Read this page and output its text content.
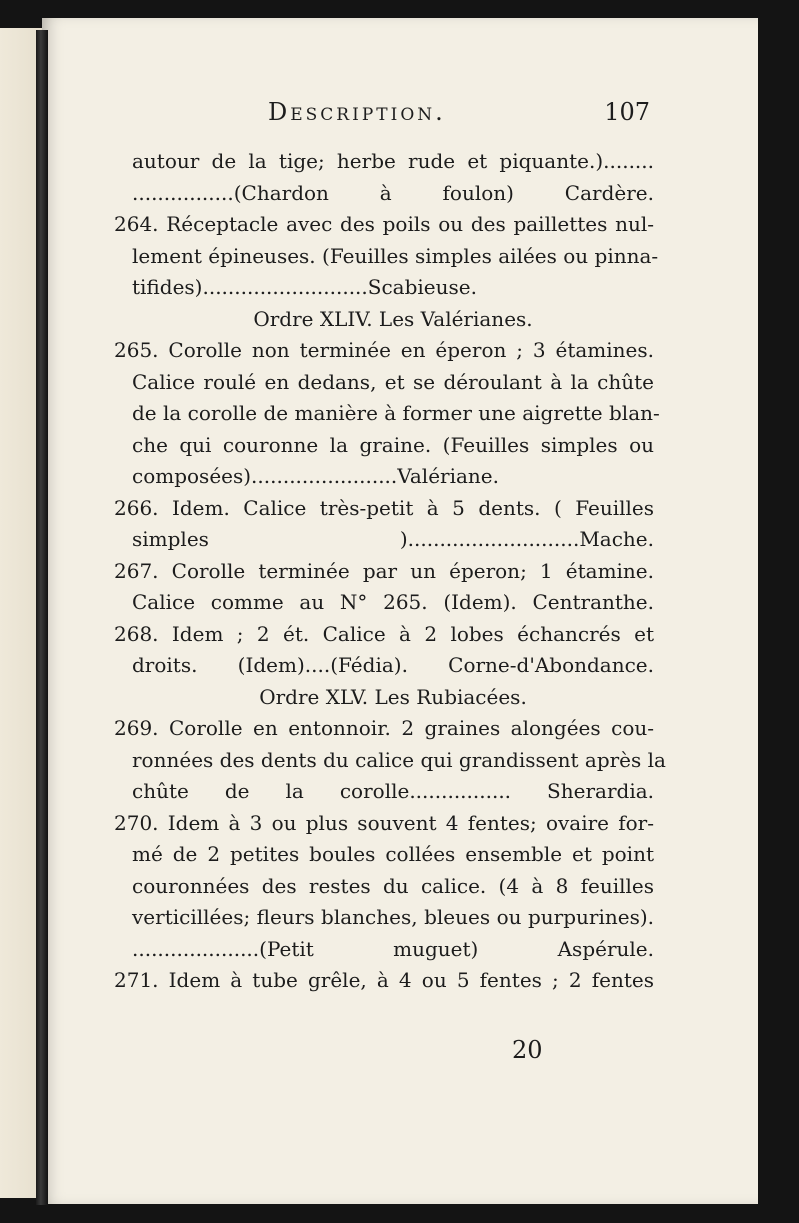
Description.	107
autour de la tige; herbe rude et piquante.)........
................(Chardon à foulon) Cardère.
264. Réceptacle avec des poils ou des paillettes nul-
lement épineuses. (Feuilles simples ailées ou pinna-
tifides)..........................Scabieuse.
Ordre XLIV. Les Valérianes.
265. Corolle non terminée en éperon ; 3 étamines.
Calice roulé en dedans, et se déroulant à la chûte
de la corolle de manière à former une aigrette blan-
che qui couronne la graine. (Feuilles simples ou
composées).......................Valériane.
266. Idem. Calice très-petit à 5 dents. ( Feuilles
simples )...........................Mache.
267. Corolle terminée par un éperon; 1 étamine.
Calice comme au N° 265. (Idem). Centranthe.
268. Idem ; 2 ét. Calice à 2 lobes échancrés et
droits. (Idem)....(Fédia). Corne-d'Abondance.
Ordre XLV. Les Rubiacées.
269. Corolle en entonnoir. 2 graines alongées cou-
ronnées des dents du calice qui grandissent après la
chûte de la corolle................ Sherardia.
270. Idem à 3 ou plus souvent 4 fentes; ovaire for-
mé de 2 petites boules collées ensemble et point
couronnées des restes du calice. (4 à 8 feuilles
verticillées; fleurs blanches, bleues ou purpurines).
....................(Petit muguet) Aspérule.
271. Idem à tube grêle, à 4 ou 5 fentes ; 2 fentes
20
